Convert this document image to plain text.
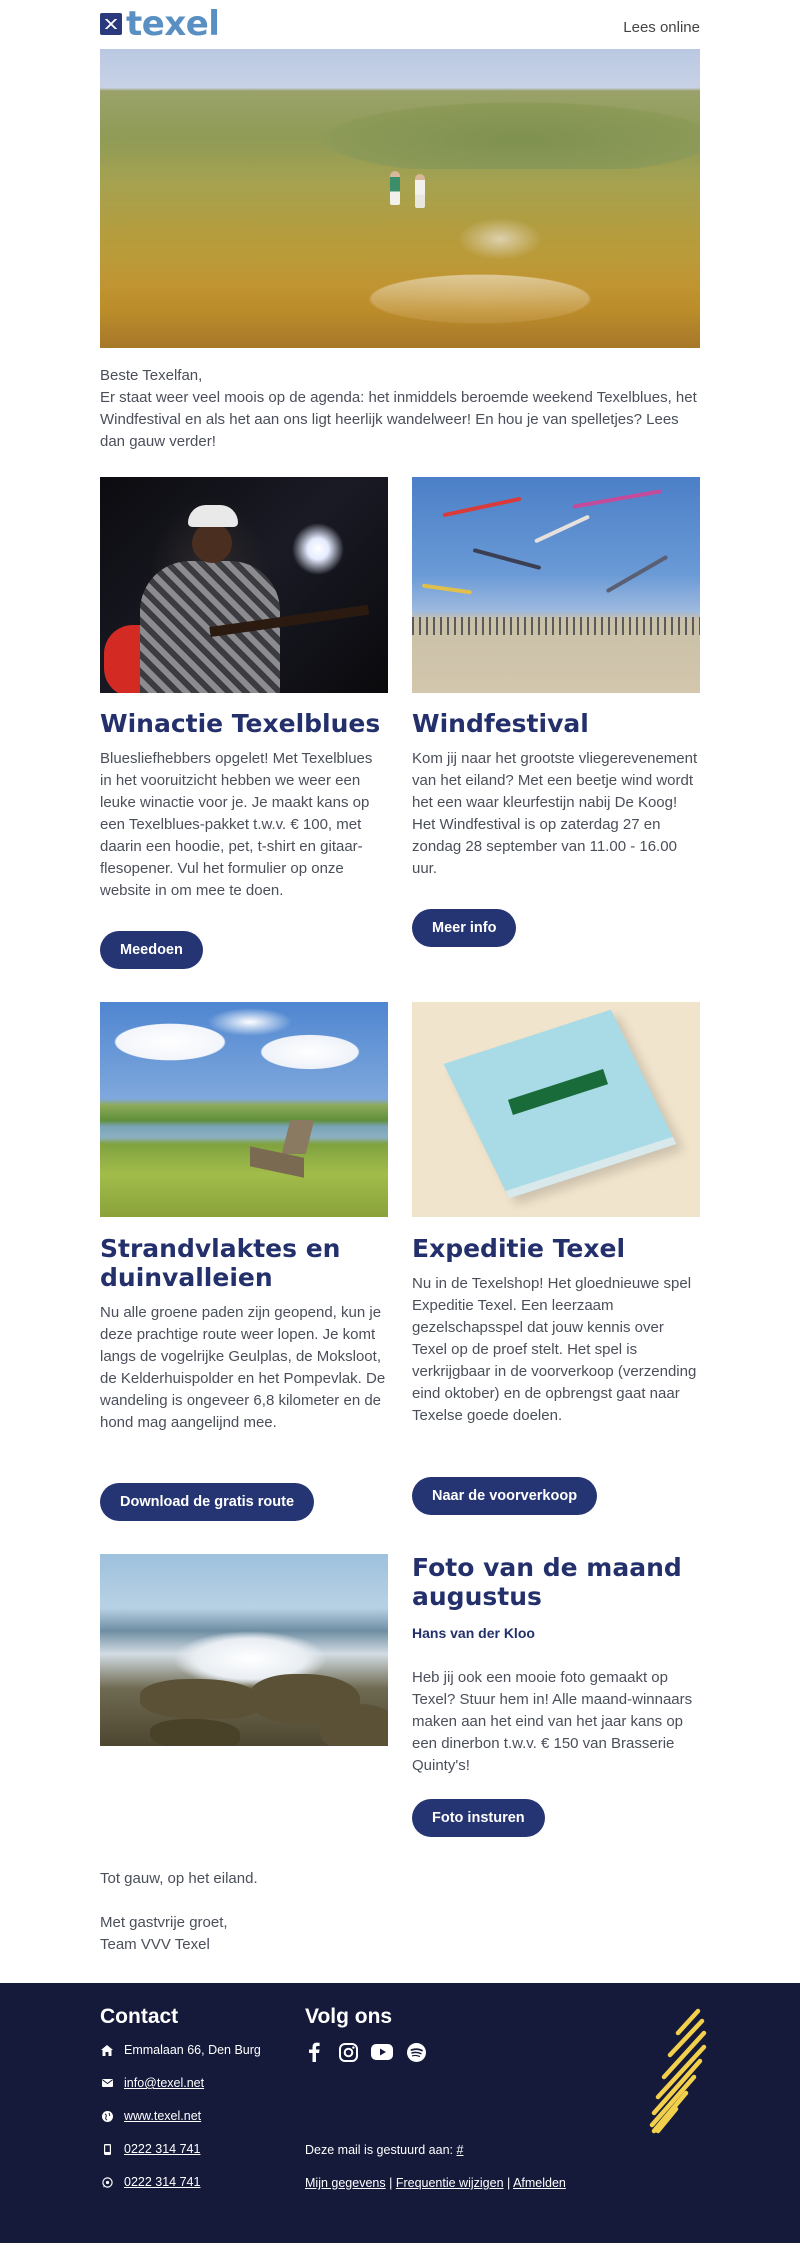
texel	Lees online

Beste Texelfan,

Er staat weer veel moois op de agenda: het inmiddels beroemde weekend Texelblues, het Windfestival en als het aan ons ligt heerlijk wandelweer! En hou je van spelletjes? Lees dan gauw verder!

Winactie Texelblues
Bluesliefhebbers opgelet! Met Texelblues in het vooruitzicht hebben we weer een leuke winactie voor je. Je maakt kans op een Texelblues-pakket t.w.v. € 100, met daarin een hoodie, pet, t-shirt en gitaar-flesopener. Vul het formulier op onze website in om mee te doen.
Meedoen
Windfestival
Kom jij naar het grootste vliegerevenement van het eiland? Met een beetje wind wordt het een waar kleurfestijn nabij De Koog! Het Windfestival is op zaterdag 27 en zondag 28 september van 11.00 - 16.00 uur.
Meer info
Strandvlaktes en duinvalleien
Nu alle groene paden zijn geopend, kun je deze prachtige route weer lopen. Je komt langs de vogelrijke Geulplas, de Moksloot, de Kelderhuispolder en het Pompevlak. De wandeling is ongeveer 6,8 kilometer en de hond mag aangelijnd mee.
Download de gratis route
Expeditie Texel
Nu in de Texelshop! Het gloednieuwe spel Expeditie Texel. Een leerzaam gezelschapsspel dat jouw kennis over Texel op de proef stelt. Het spel is verkrijgbaar in de voorverkoop (verzending eind oktober) en de opbrengst gaat naar Texelse goede doelen.
Naar de voorverkoop
Foto van de maand augustus
Hans van der Kloo
Heb jij ook een mooie foto gemaakt op Texel? Stuur hem in! Alle maand-winnaars maken aan het eind van het jaar kans op een dinerbon t.w.v. € 150 van Brasserie Quinty's!
Foto insturen

Tot gauw, op het eiland.

Met gastvrije groet,

Team VVV Texel

Contact	Volg ons
Emmalaan 66, Den Burg
info@texel.net
www.texel.net
0222 314 741
0222 314 741
Deze mail is gestuurd aan: #
Mijn gegevens | Frequentie wijzigen | Afmelden
